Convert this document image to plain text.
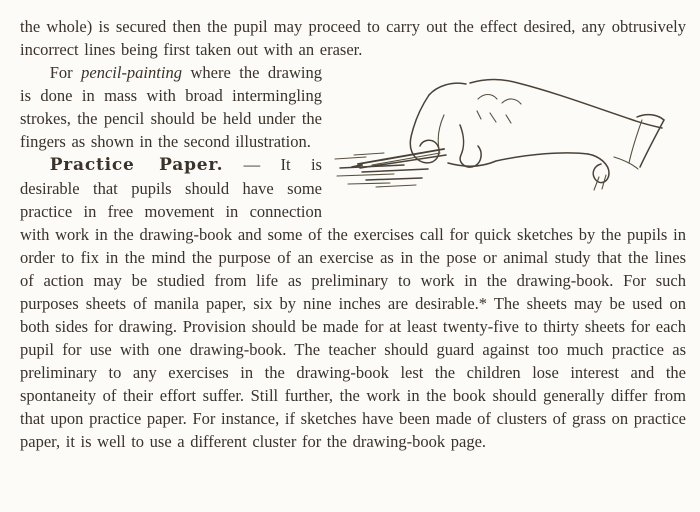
the whole) is secured then the pupil may proceed to carry out the effect desired, any obtrusively incorrect lines being first taken out with an eraser.

For pencil-painting where the drawing is done in mass with broad intermingling strokes, the pencil should be held under the fingers as shown in the second illustration.

Practice Paper. — It is desirable that pupils should have some practice in free movement in connection with work in the drawing-book and some of the exercises call for quick sketches by the pupils in order to fix in the mind the purpose of an exercise as in the pose or animal study that the lines of action may be studied from life as preliminary to work in the drawing-book. For such purposes sheets of manila paper, six by nine inches are desirable.* The sheets may be used on both sides for drawing. Provision should be made for at least twenty-five to thirty sheets for each pupil for use with one drawing-book. The teacher should guard against too much practice as preliminary to any exercises in the drawing-book lest the children lose interest and the spontaneity of their effort suffer. Still further, the work in the book should generally differ from that upon practice paper. For instance, if sketches have been made of clusters of grass on practice paper, it is well to use a different cluster for the drawing-book page.
